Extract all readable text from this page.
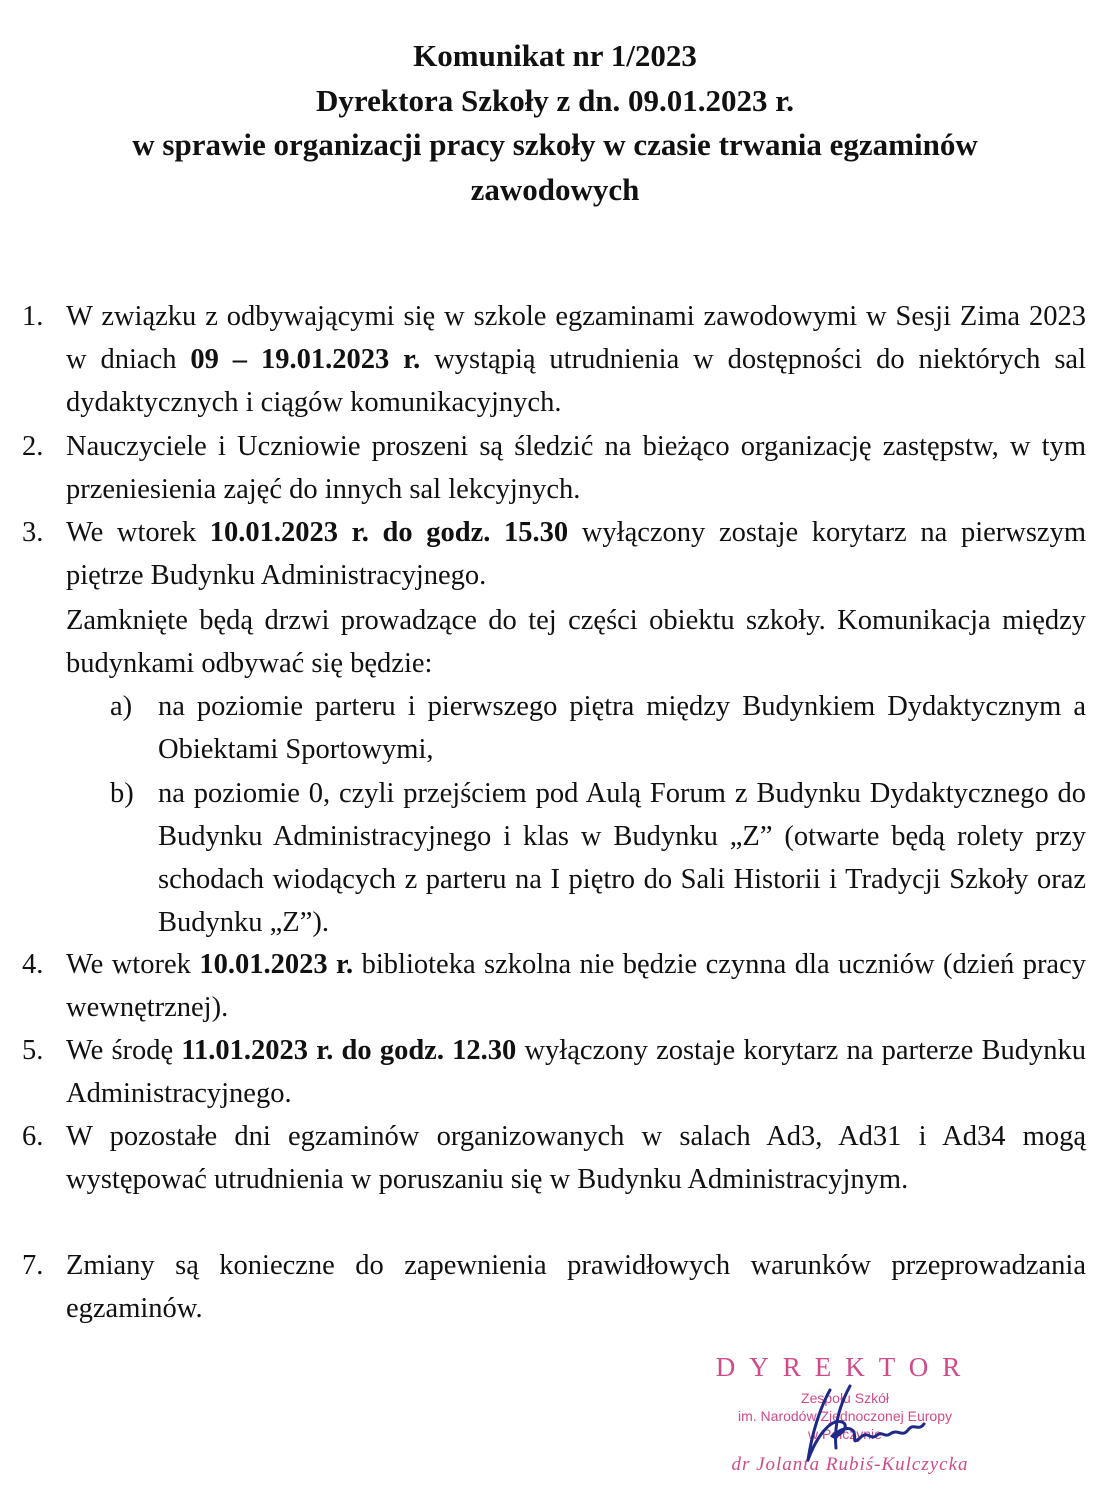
Komunikat nr 1/2023
Dyrektora Szkoły z dn. 09.01.2023 r.
w sprawie organizacji pracy szkoły w czasie trwania egzaminów
zawodowych
1. W związku z odbywającymi się w szkole egzaminami zawodowymi w Sesji Zima 2023 w dniach 09 – 19.01.2023 r. wystąpią utrudnienia w dostępności do niektórych sal dydaktycznych i ciągów komunikacyjnych.

2. Nauczyciele i Uczniowie proszeni są śledzić na bieżąco organizację zastępstw, w tym przeniesienia zajęć do innych sal lekcyjnych.

3. We wtorek 10.01.2023 r. do godz. 15.30 wyłączony zostaje korytarz na pierwszym piętrze Budynku Administracyjnego.

Zamknięte będą drzwi prowadzące do tej części obiektu szkoły. Komunikacja między budynkami odbywać się będzie:

a) na poziomie parteru i pierwszego piętra między Budynkiem Dydaktycznym a Obiektami Sportowymi,
b) na poziomie 0, czyli przejściem pod Aulą Forum z Budynku Dydaktycznego do Budynku Administracyjnego i klas w Budynku „Z” (otwarte będą rolety przy schodach wiodących z parteru na I piętro do Sali Historii i Tradycji Szkoły oraz Budynku „Z”).
4. We wtorek 10.01.2023 r. biblioteka szkolna nie będzie czynna dla uczniów (dzień pracy wewnętrznej).

5. We środę 11.01.2023 r. do godz. 12.30 wyłączony zostaje korytarz na parterze Budynku Administracyjnego.

6. W pozostałe dni egzaminów organizowanych w salach Ad3, Ad31 i Ad34 mogą występować utrudnienia w poruszaniu się w Budynku Administracyjnym.

7. Zmiany są konieczne do zapewnienia prawidłowych warunków przeprowadzania egzaminów.

DYREKTOR
Zespołu Szkół
im. Narodów Zjednoczonej Europy
w Połczynie
dr Jolanta Rubiś-Kulczycka
